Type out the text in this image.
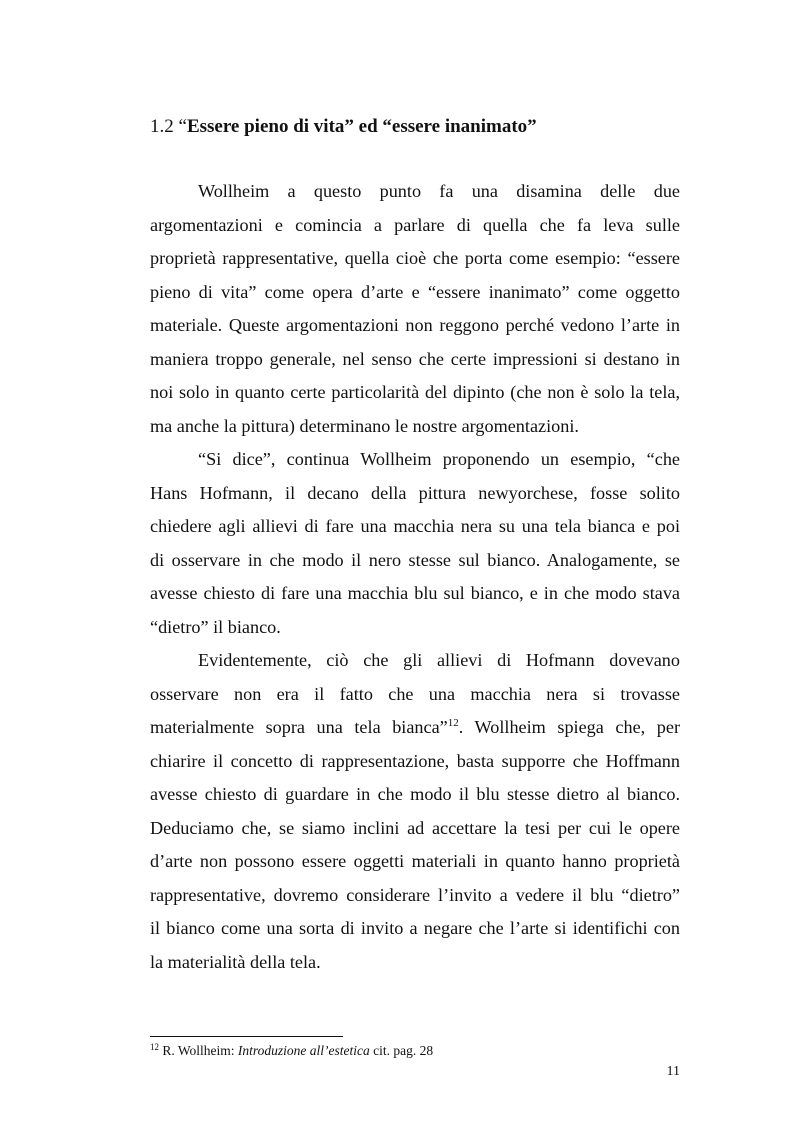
1.2 “Essere pieno di vita” ed “essere inanimato”
Wollheim a questo punto fa una disamina delle due
argomentazioni e comincia a parlare di quella che fa leva sulle
proprietà rappresentative, quella cioè che porta come esempio: “essere
pieno di vita” come opera d’arte e “essere inanimato” come oggetto
materiale. Queste argomentazioni non reggono perché vedono l’arte in
maniera troppo generale, nel senso che certe impressioni si destano in
noi solo in quanto certe particolarità del dipinto (che non è solo la tela,
ma anche la pittura) determinano le nostre argomentazioni.
“Si dice”, continua Wollheim proponendo un esempio, “che
Hans Hofmann, il decano della pittura newyorchese, fosse solito
chiedere agli allievi di fare una macchia nera su una tela bianca e poi
di osservare in che modo il nero stesse sul bianco. Analogamente, se
avesse chiesto di fare una macchia blu sul bianco, e in che modo stava
“dietro” il bianco.
Evidentemente, ciò che gli allievi di Hofmann dovevano
osservare non era il fatto che una macchia nera si trovasse
materialmente sopra una tela bianca”$^{12}$. Wollheim spiega che, per
chiarire il concetto di rappresentazione, basta supporre che Hoffmann
avesse chiesto di guardare in che modo il blu stesse dietro al bianco.
Deduciamo che, se siamo inclini ad accettare la tesi per cui le opere
d’arte non possono essere oggetti materiali in quanto hanno proprietà
rappresentative, dovremo considerare l’invito a vedere il blu “dietro”
il bianco come una sorta di invito a negare che l’arte si identifichi con
la materialità della tela.
$^{12}$ R. Wollheim: Introduzione all’estetica cit. pag. 28
11
